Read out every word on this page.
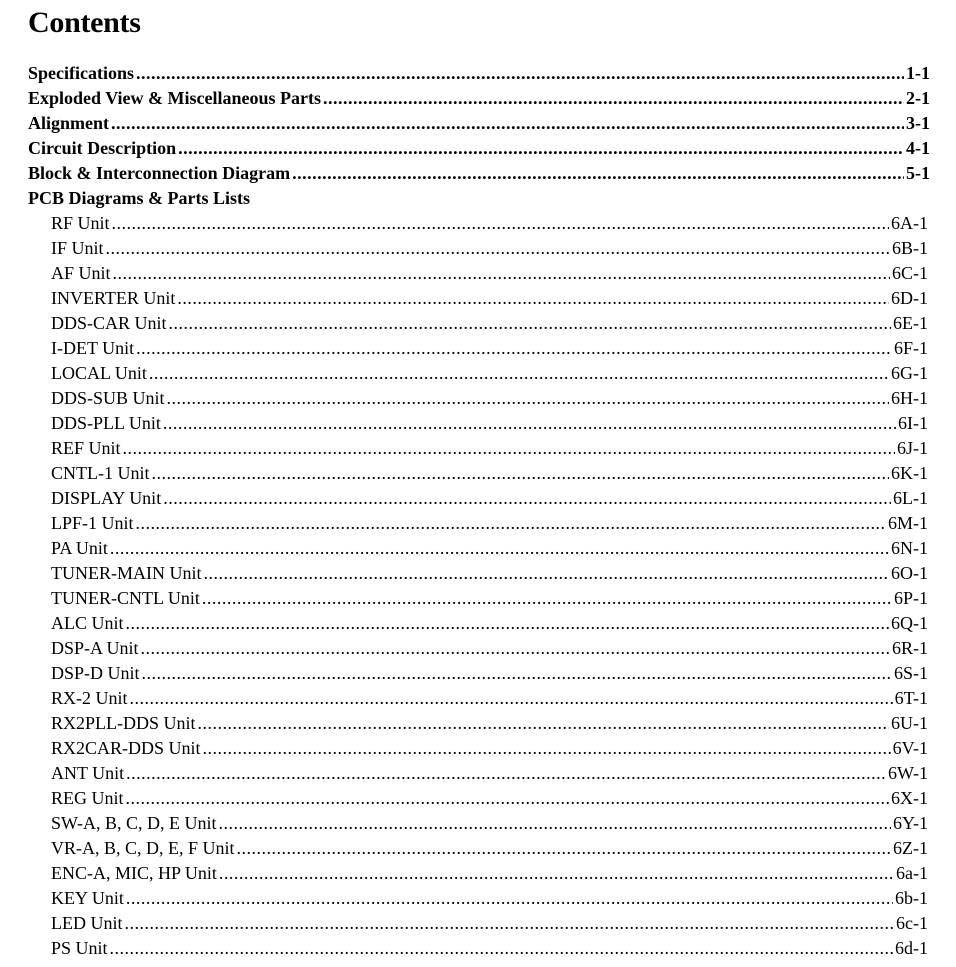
Contents
Specifications .....	1-1
Exploded View & Miscellaneous Parts .....	2-1
Alignment .....	3-1
Circuit Description .....	4-1
Block & Interconnection Diagram .....	5-1
PCB Diagrams & Parts Lists
RF Unit .....	6A-1
IF Unit .....	6B-1
AF Unit .....	6C-1
INVERTER Unit .....	6D-1
DDS-CAR Unit .....	6E-1
I-DET Unit .....	6F-1
LOCAL Unit .....	6G-1
DDS-SUB Unit .....	6H-1
DDS-PLL Unit .....	6I-1
REF Unit .....	6J-1
CNTL-1 Unit .....	6K-1
DISPLAY Unit .....	6L-1
LPF-1 Unit .....	6M-1
PA Unit .....	6N-1
TUNER-MAIN Unit .....	6O-1
TUNER-CNTL Unit .....	6P-1
ALC Unit .....	6Q-1
DSP-A Unit .....	6R-1
DSP-D Unit .....	6S-1
RX-2 Unit .....	6T-1
RX2PLL-DDS Unit .....	6U-1
RX2CAR-DDS Unit .....	6V-1
ANT Unit .....	6W-1
REG Unit .....	6X-1
SW-A, B, C, D, E Unit .....	6Y-1
VR-A, B, C, D, E, F Unit .....	6Z-1
ENC-A, MIC, HP Unit .....	6a-1
KEY Unit .....	6b-1
LED Unit .....	6c-1
PS Unit .....	6d-1
